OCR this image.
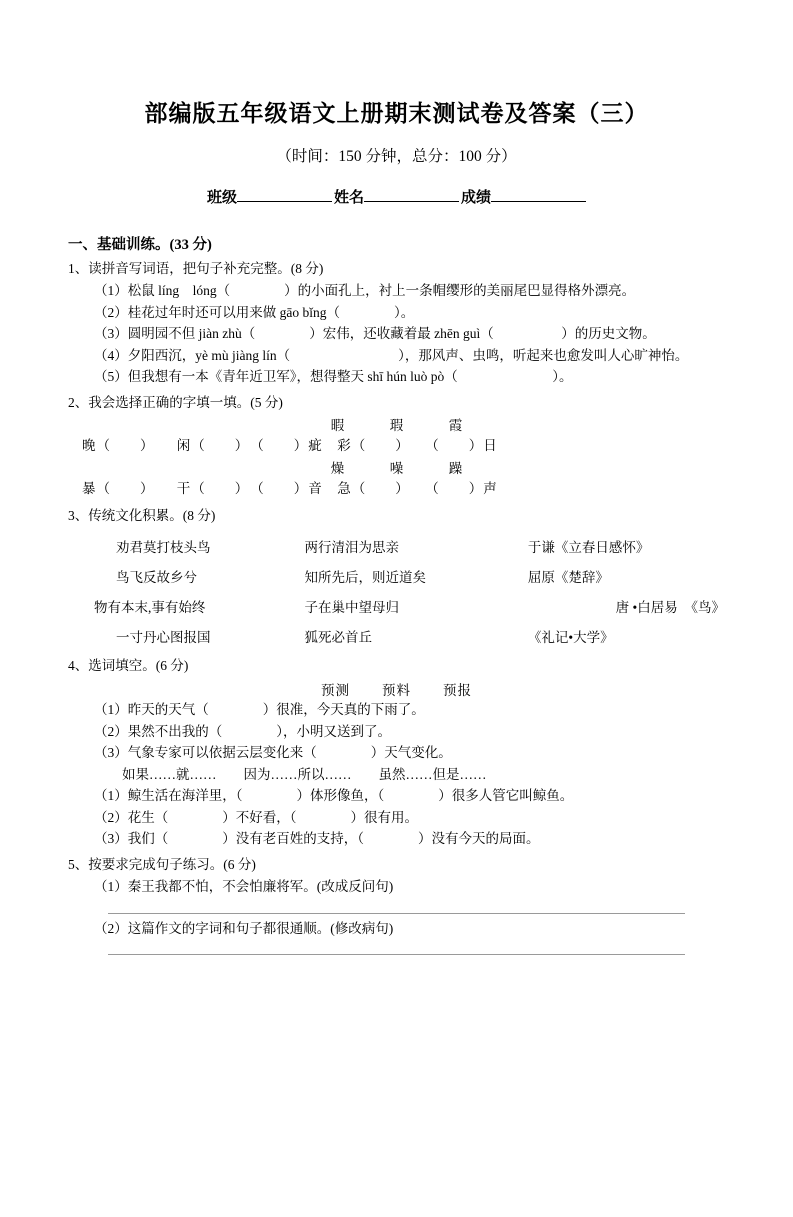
部编版五年级语文上册期末测试卷及答案（三）
（时间：150 分钟，总分：100 分）
班级	姓名	成绩
一、基础训练。(33 分)
1、读拼音写词语，把句子补充完整。(8 分)
（1）松鼠 líng　lóng（　　　　）的小面孔上，衬上一条帽缨形的美丽尾巴显得格外漂亮。
（2）桂花过年时还可以用来做 gāo bǐng（　　　　）。
（3）圆明园不但 jiàn zhù（　　　　）宏伟，还收藏着最 zhēn guì（　　　　　）的历史文物。
（4）夕阳西沉，yè mù jiàng lín（　　　　　　　　），那风声、虫鸣，听起来也愈发叫人心旷神怡。
（5）但我想有一本《青年近卫军》，想得整天 shī hún luò pò（　　　　　　　）。
2、我会选择正确的字填一填。(5 分)
暇　瑕　霞
晚（　　）　　闲（　　）　（　　）疵　彩（　　）　　（　　）日
燥　噪　躁
暴（　　）　　干（　　）　（　　）音　急（　　）　　（　　）声
3、传统文化积累。(8 分)
劝君莫打枝头鸟	两行清泪为思亲	于谦《立春日感怀》
鸟飞反故乡兮	知所先后，则近道矣	屈原《楚辞》
物有本末,事有始终	子在巢中望母归	唐 •白居易　《鸟》
一寸丹心图报国	狐死必首丘	《礼记•大学》
4、选词填空。(6 分)
预测 预料 预报
（1）昨天的天气（　　　　）很准，今天真的下雨了。
（2）果然不出我的（　　　　），小明又送到了。
（3）气象专家可以依据云层变化来（　　　　）天气变化。
如果……就……　　因为……所以……　　虽然……但是……
（1）鲸生活在海洋里，（　　　　）体形像鱼，（　　　　）很多人管它叫鲸鱼。
（2）花生（　　　　）不好看，（　　　　）很有用。
（3）我们（　　　　）没有老百姓的支持，（　　　　）没有今天的局面。
5、按要求完成句子练习。(6 分)
（1）秦王我都不怕，不会怕廉将军。(改成反问句)
（2）这篇作文的字词和句子都很通顺。(修改病句)
